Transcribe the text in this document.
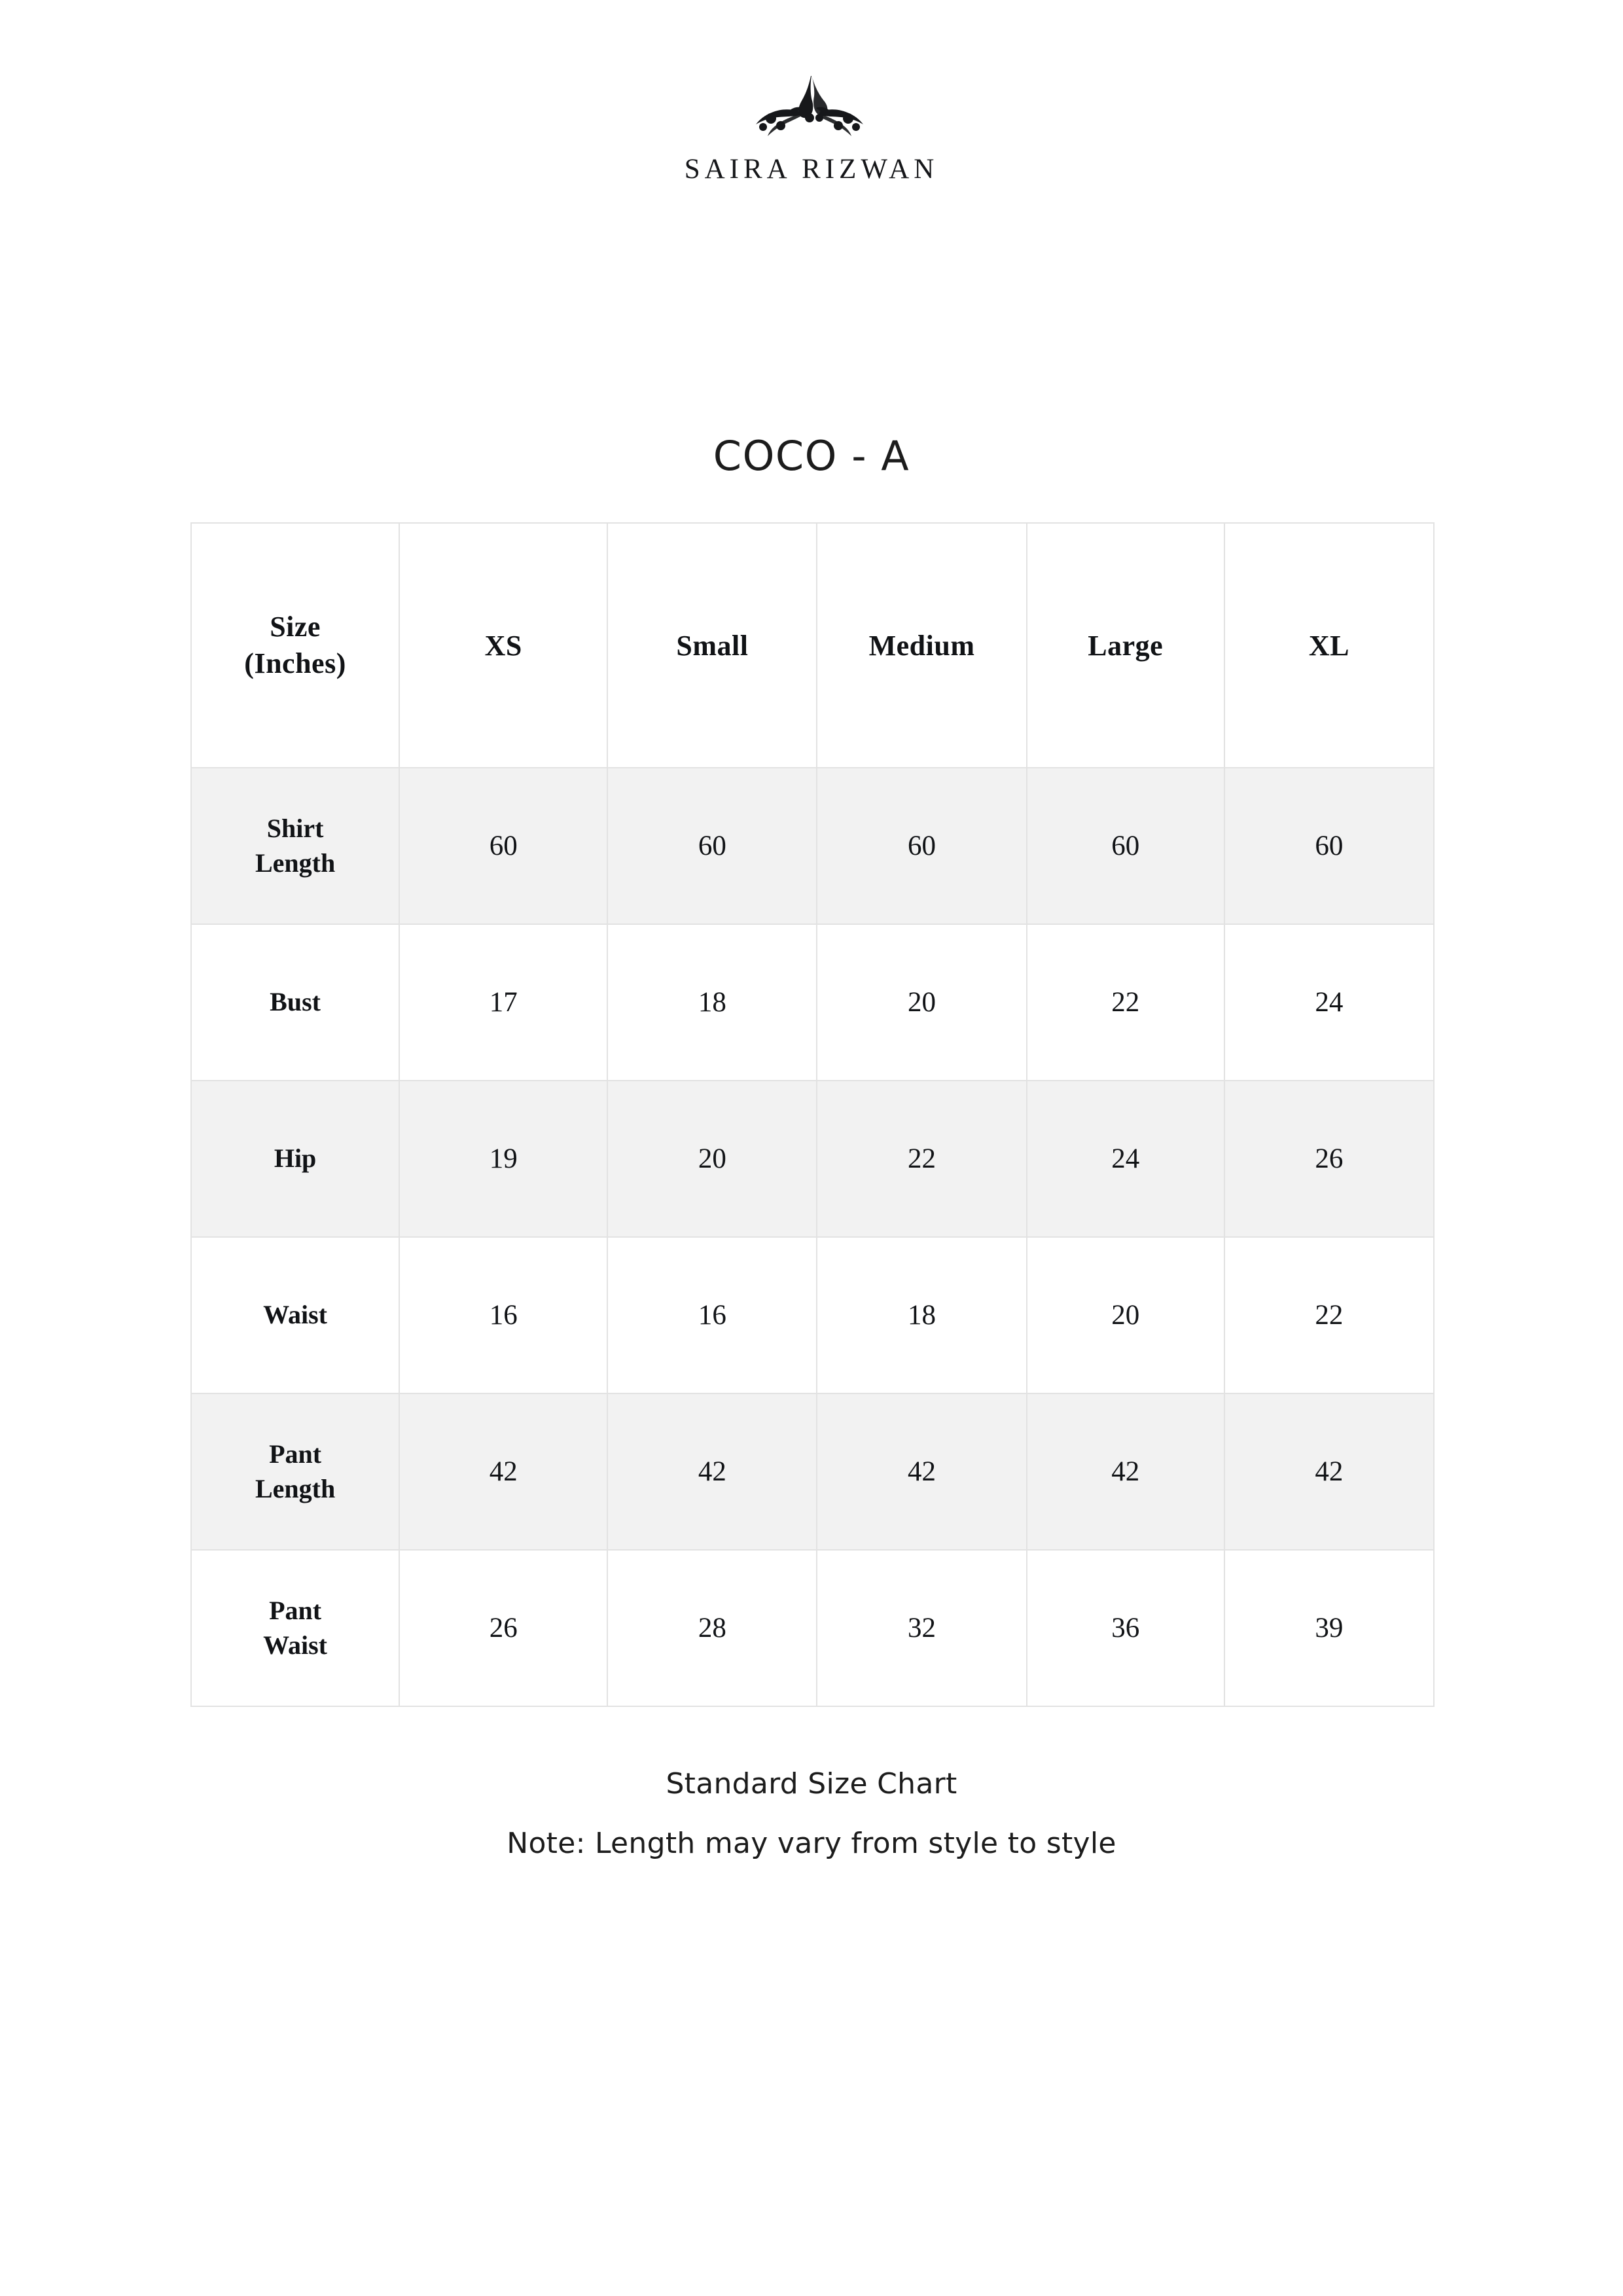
SAIRA RIZWAN
COCO - A
Size
(Inches)	XS	Small	Medium	Large	XL

Shirt
Length	60	60	60	60	60

Bust	17	18	20	22	24

Hip	19	20	22	24	26

Waist	16	16	18	20	22

Pant
Length	42	42	42	42	42

Pant
Waist	26	28	32	36	39
Standard Size Chart
Note: Length may vary from style to style
